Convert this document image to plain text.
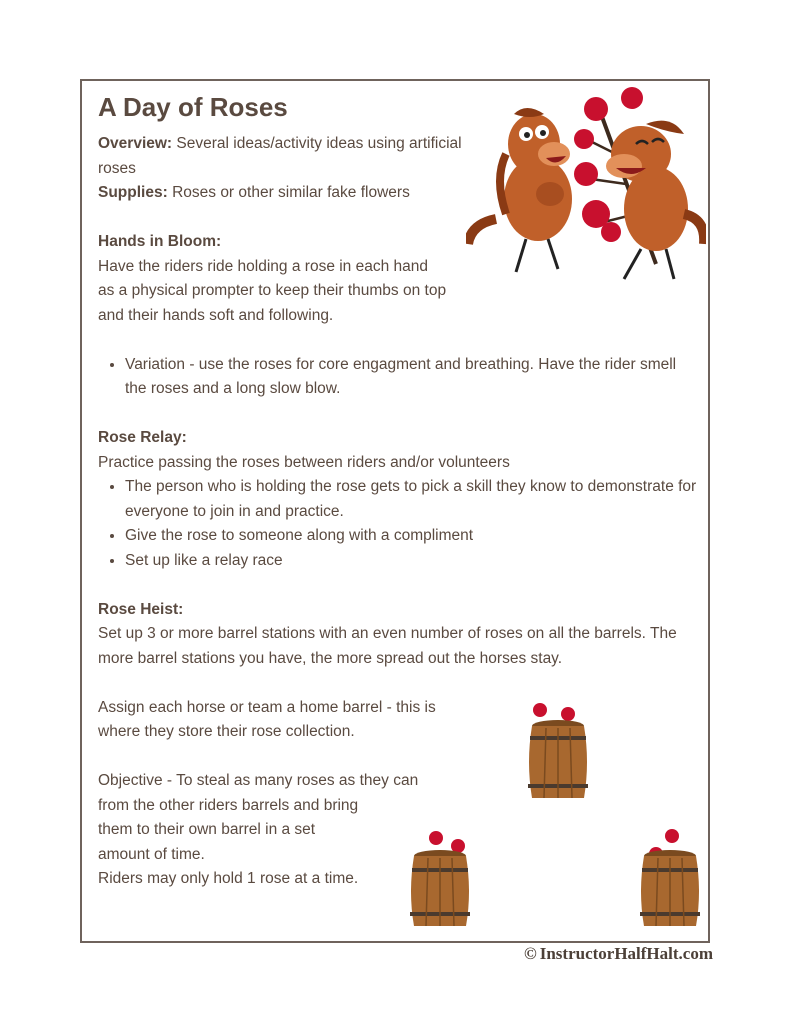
A Day of Roses

Overview: Several ideas/activity ideas using artificial roses

Supplies: Roses or other similar fake flowers

Hands in Bloom:

Have the riders ride holding a rose in each hand

as a physical prompter to keep their thumbs on top

and their hands soft and following.

• Variation - use the roses for core engagment and breathing. Have the rider smell the roses and a long slow blow.

Rose Relay:

Practice passing the roses between riders and/or volunteers

• The person who is holding the rose gets to pick a skill they know to demonstrate for everyone to join in and practice.
• Give the rose to someone along with a compliment
• Set up like a relay race

Rose Heist:

Set up 3 or more barrel stations with an even number of roses on all the barrels. The more barrel stations you have, the more spread out the horses stay.

Assign each horse or team a home barrel - this is

where they store their rose collection.

Objective - To steal as many roses as they can

from the other riders barrels and bring

them to their own barrel in a set

amount of time.

Riders may only hold 1 rose at a time.

© InstructorHalfHalt.com
